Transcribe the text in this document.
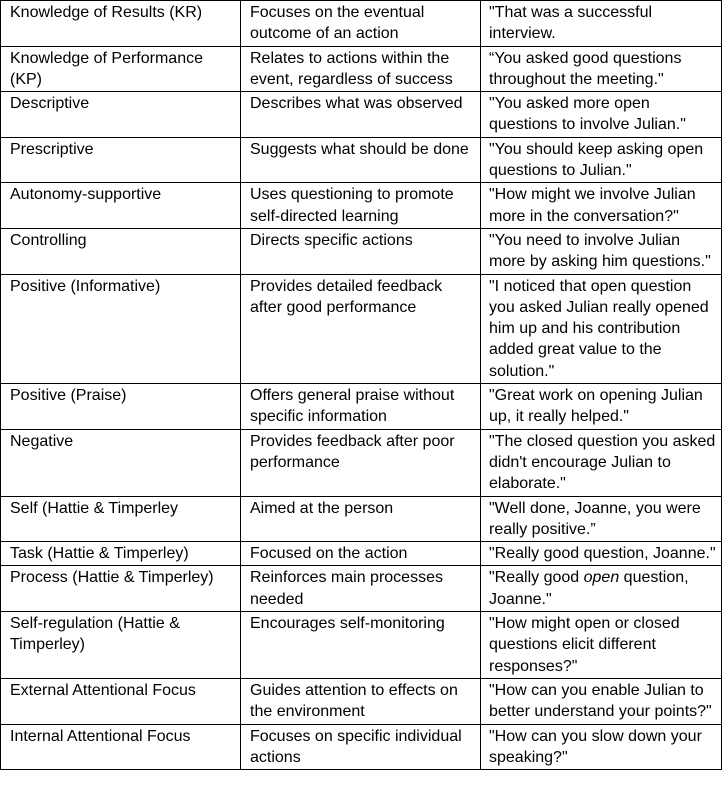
Knowledge of Results (KR)	Focuses on the eventual outcome of an action	"That was a successful interview.
Knowledge of Performance (KP)	Relates to actions within the event, regardless of success	“You asked good questions throughout the meeting."
Descriptive	Describes what was observed	"You asked more open questions to involve Julian."
Prescriptive	Suggests what should be done	"You should keep asking open questions to Julian."
Autonomy-supportive	Uses questioning to promote self-directed learning	"How might we involve Julian more in the conversation?"
Controlling	Directs specific actions	"You need to involve Julian more by asking him questions."
Positive (Informative)	Provides detailed feedback after good performance	"I noticed that open question you asked Julian really opened him up and his contribution added great value to the solution."
Positive (Praise)	Offers general praise without specific information	"Great work on opening Julian up, it really helped."
Negative	Provides feedback after poor performance	"The closed question you asked didn't encourage Julian to elaborate."
Self (Hattie & Timperley	Aimed at the person	"Well done, Joanne, you were really positive.”
Task (Hattie & Timperley)	Focused on the action	"Really good question, Joanne."
Process (Hattie & Timperley)	Reinforces main processes needed	"Really good open question, Joanne."
Self-regulation (Hattie & Timperley)	Encourages self-monitoring	"How might open or closed questions elicit different responses?"
External Attentional Focus	Guides attention to effects on the environment	"How can you enable Julian to better understand your points?"
Internal Attentional Focus	Focuses on specific individual actions	"How can you slow down your speaking?"
